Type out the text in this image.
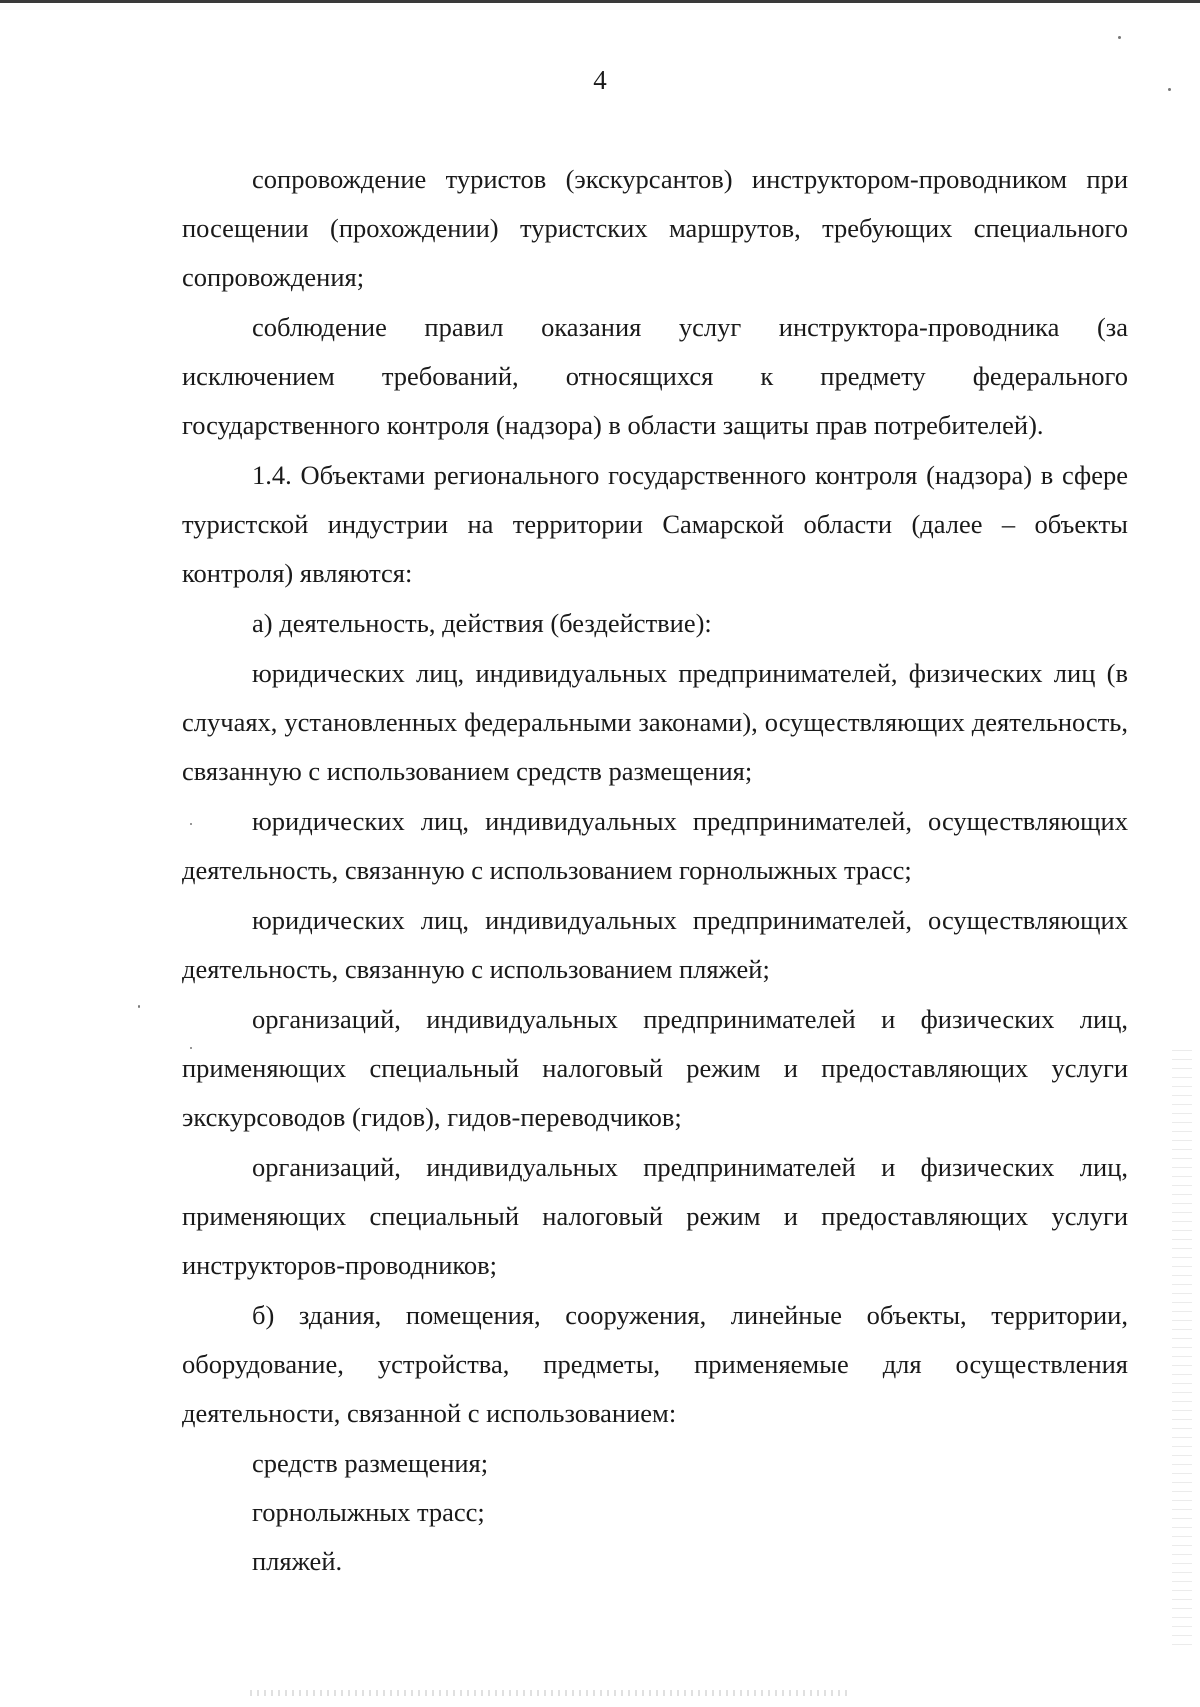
4

сопровождение туристов (экскурсантов) инструктором-проводником при посещении (прохождении) туристских маршрутов, требующих специального сопровождения;

соблюдение правил оказания услуг инструктора-проводника (за исключением требований, относящихся к предмету федерального государственного контроля (надзора) в области защиты прав потребителей).

1.4. Объектами регионального государственного контроля (надзора) в сфере туристской индустрии на территории Самарской области (далее – объекты контроля) являются:

а) деятельность, действия (бездействие):

юридических лиц, индивидуальных предпринимателей, физических лиц (в случаях, установленных федеральными законами), осуществляющих деятельность, связанную с использованием средств размещения;

юридических лиц, индивидуальных предпринимателей, осуществляющих деятельность, связанную с использованием горнолыжных трасс;

юридических лиц, индивидуальных предпринимателей, осуществляющих деятельность, связанную с использованием пляжей;

организаций, индивидуальных предпринимателей и физических лиц, применяющих специальный налоговый режим и предоставляющих услуги экскурсоводов (гидов), гидов-переводчиков;

организаций, индивидуальных предпринимателей и физических лиц, применяющих специальный налоговый режим и предоставляющих услуги инструкторов-проводников;

б) здания, помещения, сооружения, линейные объекты, территории, оборудование, устройства, предметы, применяемые для осуществления деятельности, связанной с использованием:

средств размещения;

горнолыжных трасс;

пляжей.
